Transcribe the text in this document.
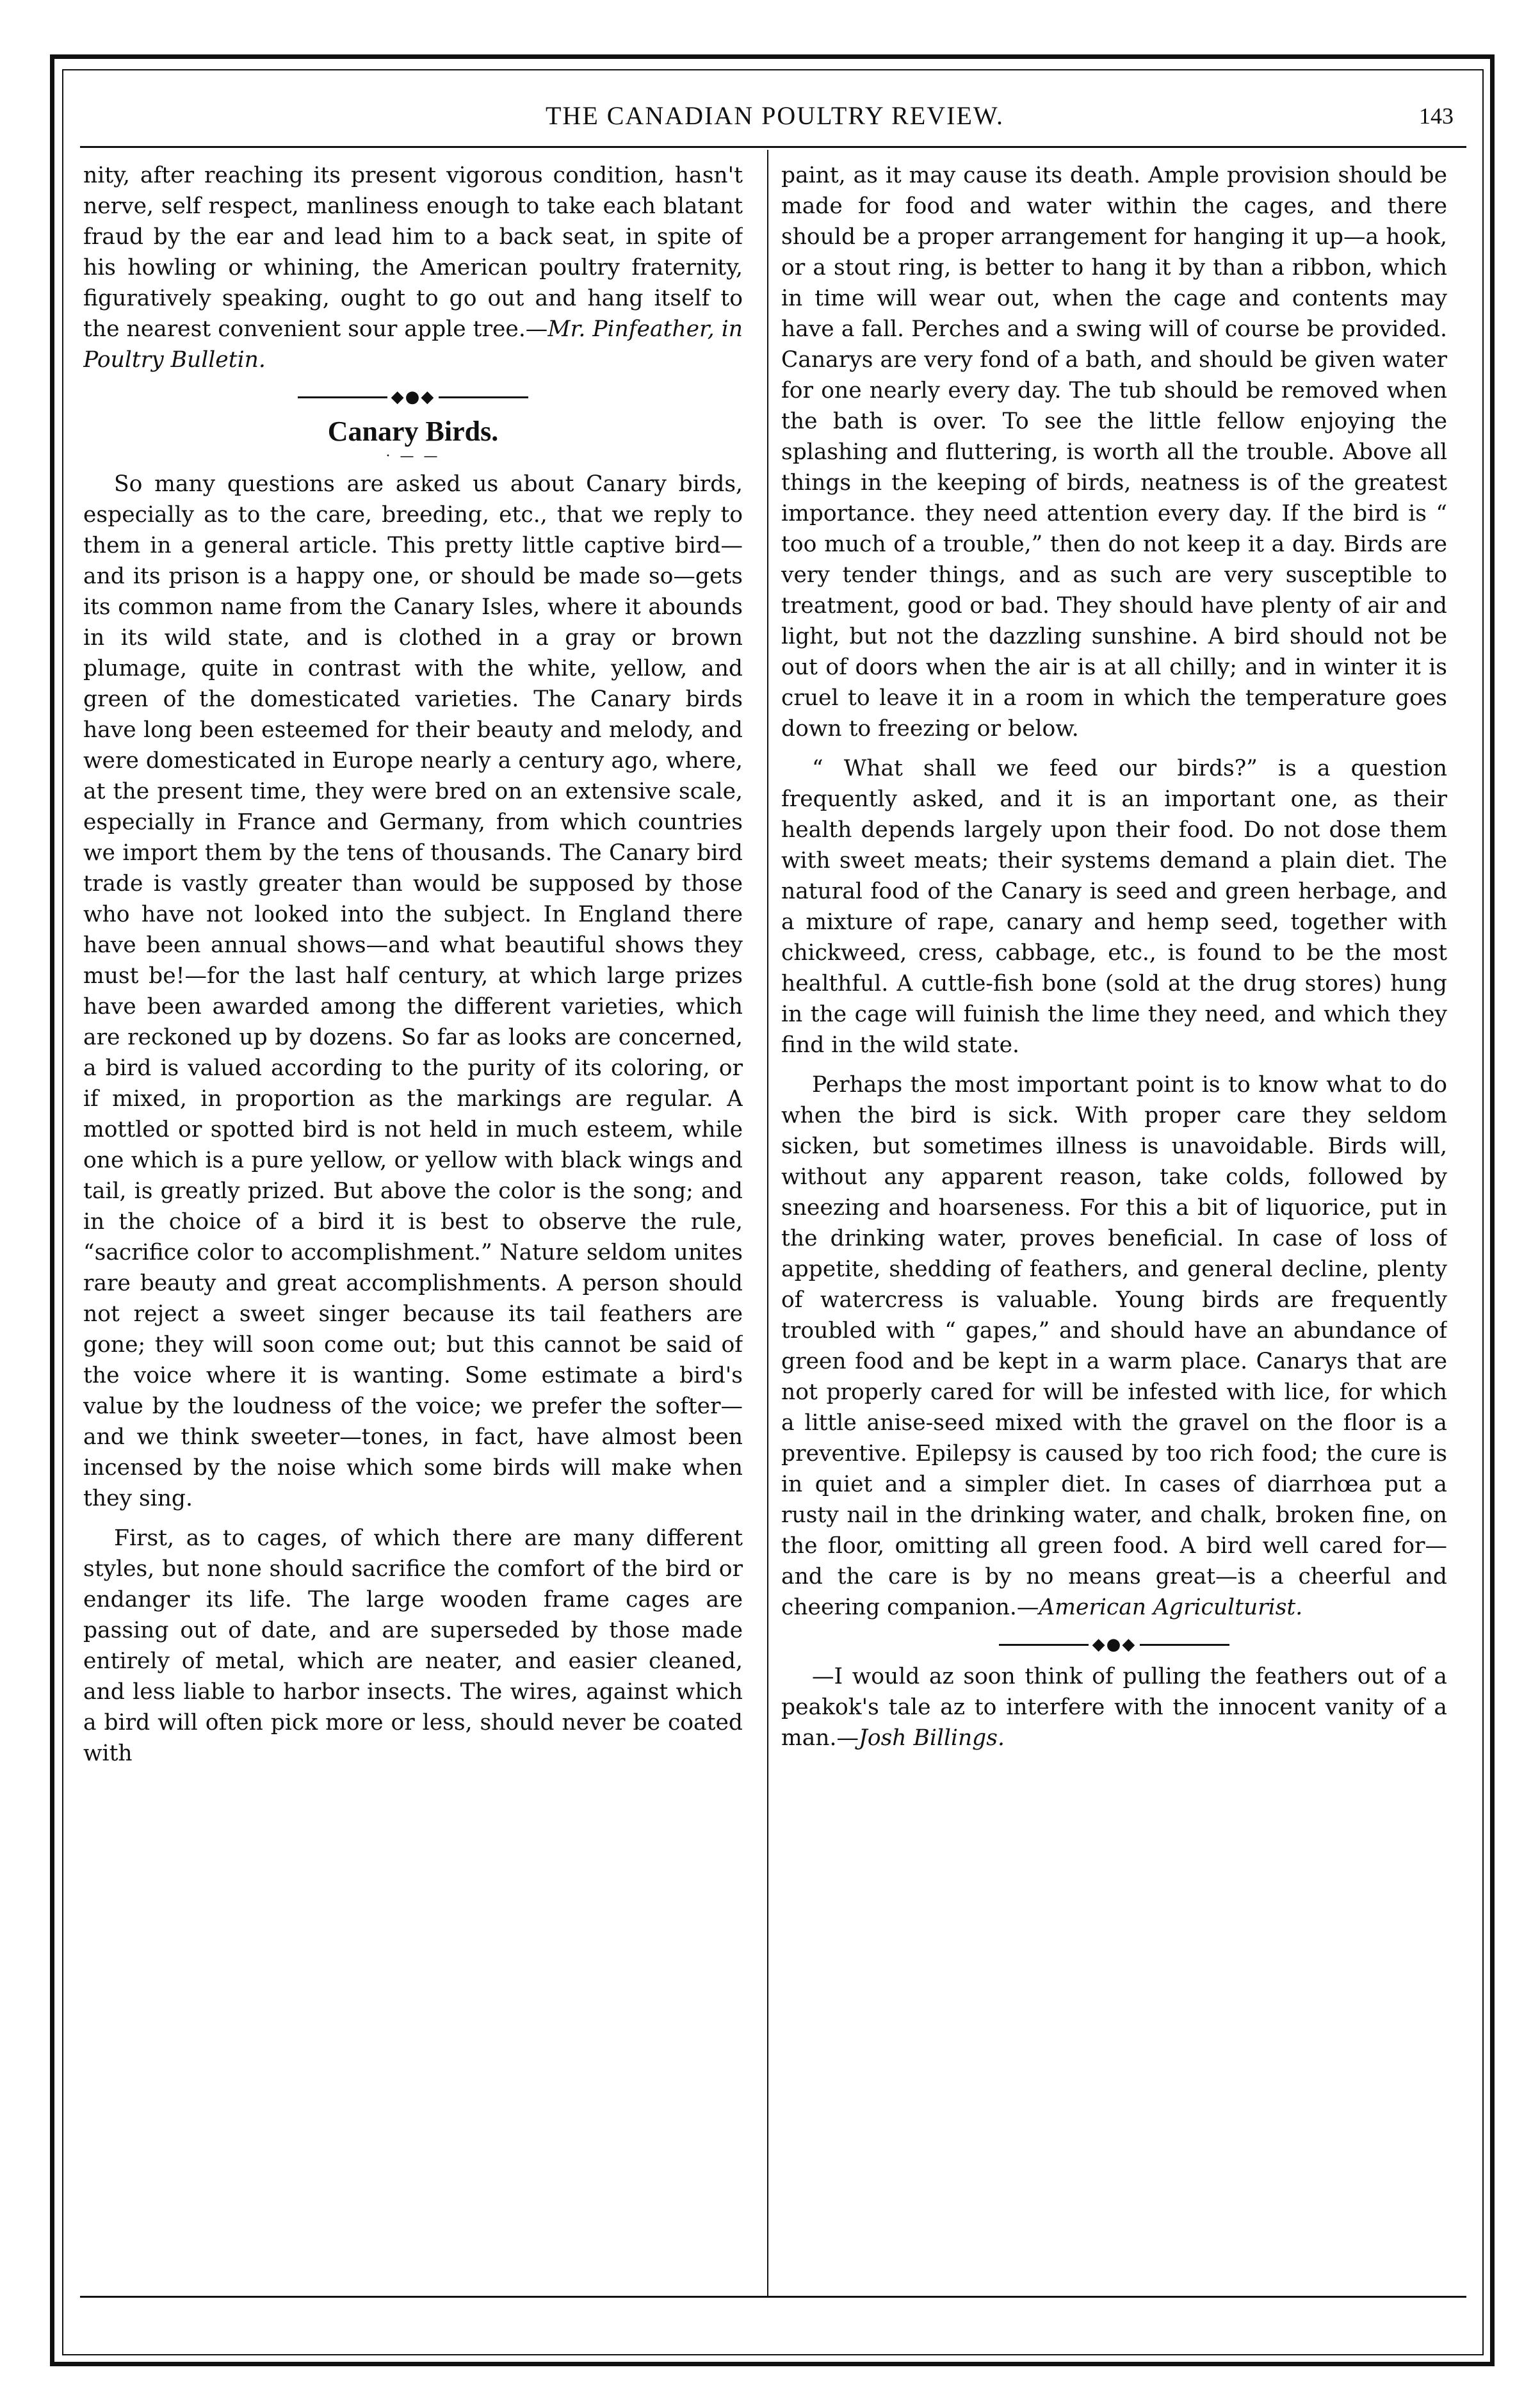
THE CANADIAN POULTRY REVIEW.	143

nity, after reaching its present vigorous condition, hasn't nerve, self respect, manliness enough to take each blatant fraud by the ear and lead him to a back seat, in spite of his howling or whining, the American poultry fraternity, figuratively speaking, ought to go out and hang itself to the nearest convenient sour apple tree.—Mr. Pinfeather, in Poultry Bulletin.

◆●◆
Canary Birds.
· — —

So many questions are asked us about Canary birds, especially as to the care, breeding, etc., that we reply to them in a general article. This pretty little captive bird—and its prison is a happy one, or should be made so—gets its common name from the Canary Isles, where it abounds in its wild state, and is clothed in a gray or brown plumage, quite in contrast with the white, yellow, and green of the domesticated varieties. The Canary birds have long been esteemed for their beauty and melody, and were domesticated in Europe nearly a century ago, where, at the present time, they were bred on an extensive scale, especially in France and Germany, from which countries we import them by the tens of thousands. The Canary bird trade is vastly greater than would be supposed by those who have not looked into the subject. In England there have been annual shows—and what beautiful shows they must be!—for the last half century, at which large prizes have been awarded among the different varieties, which are reckoned up by dozens. So far as looks are concerned, a bird is valued according to the purity of its coloring, or if mixed, in proportion as the markings are regular. A mottled or spotted bird is not held in much esteem, while one which is a pure yellow, or yellow with black wings and tail, is greatly prized. But above the color is the song; and in the choice of a bird it is best to observe the rule, “sacrifice color to accomplishment.” Nature seldom unites rare beauty and great accomplishments. A person should not reject a sweet singer because its tail feathers are gone; they will soon come out; but this cannot be said of the voice where it is wanting. Some estimate a bird's value by the loudness of the voice; we prefer the softer—and we think sweeter—tones, in fact, have almost been incensed by the noise which some birds will make when they sing.

First, as to cages, of which there are many different styles, but none should sacrifice the comfort of the bird or endanger its life. The large wooden frame cages are passing out of date, and are superseded by those made entirely of metal, which are neater, and easier cleaned, and less liable to harbor insects. The wires, against which a bird will often pick more or less, should never be coated with

paint, as it may cause its death. Ample provision should be made for food and water within the cages, and there should be a proper arrangement for hanging it up—a hook, or a stout ring, is better to hang it by than a ribbon, which in time will wear out, when the cage and contents may have a fall. Perches and a swing will of course be provided. Canarys are very fond of a bath, and should be given water for one nearly every day. The tub should be removed when the bath is over. To see the little fellow enjoying the splashing and fluttering, is worth all the trouble. Above all things in the keeping of birds, neatness is of the greatest importance. they need attention every day. If the bird is “ too much of a trouble,” then do not keep it a day. Birds are very tender things, and as such are very susceptible to treatment, good or bad. They should have plenty of air and light, but not the dazzling sunshine. A bird should not be out of doors when the air is at all chilly; and in winter it is cruel to leave it in a room in which the temperature goes down to freezing or below.

“ What shall we feed our birds?” is a question frequently asked, and it is an important one, as their health depends largely upon their food. Do not dose them with sweet meats; their systems demand a plain diet. The natural food of the Canary is seed and green herbage, and a mixture of rape, canary and hemp seed, together with chickweed, cress, cabbage, etc., is found to be the most healthful. A cuttle-fish bone (sold at the drug stores) hung in the cage will fuinish the lime they need, and which they find in the wild state.

Perhaps the most important point is to know what to do when the bird is sick. With proper care they seldom sicken, but sometimes illness is unavoidable. Birds will, without any apparent reason, take colds, followed by sneezing and hoarseness. For this a bit of liquorice, put in the drinking water, proves beneficial. In case of loss of appetite, shedding of feathers, and general decline, plenty of watercress is valuable. Young birds are frequently troubled with “ gapes,” and should have an abundance of green food and be kept in a warm place. Canarys that are not properly cared for will be infested with lice, for which a little anise-seed mixed with the gravel on the floor is a preventive. Epilepsy is caused by too rich food; the cure is in quiet and a simpler diet. In cases of diarrhœa put a rusty nail in the drinking water, and chalk, broken fine, on the floor, omitting all green food. A bird well cared for—and the care is by no means great—is a cheerful and cheering companion.—American Agriculturist.

◆●◆

—I would az soon think of pulling the feathers out of a peakok's tale az to interfere with the innocent vanity of a man.—Josh Billings.
